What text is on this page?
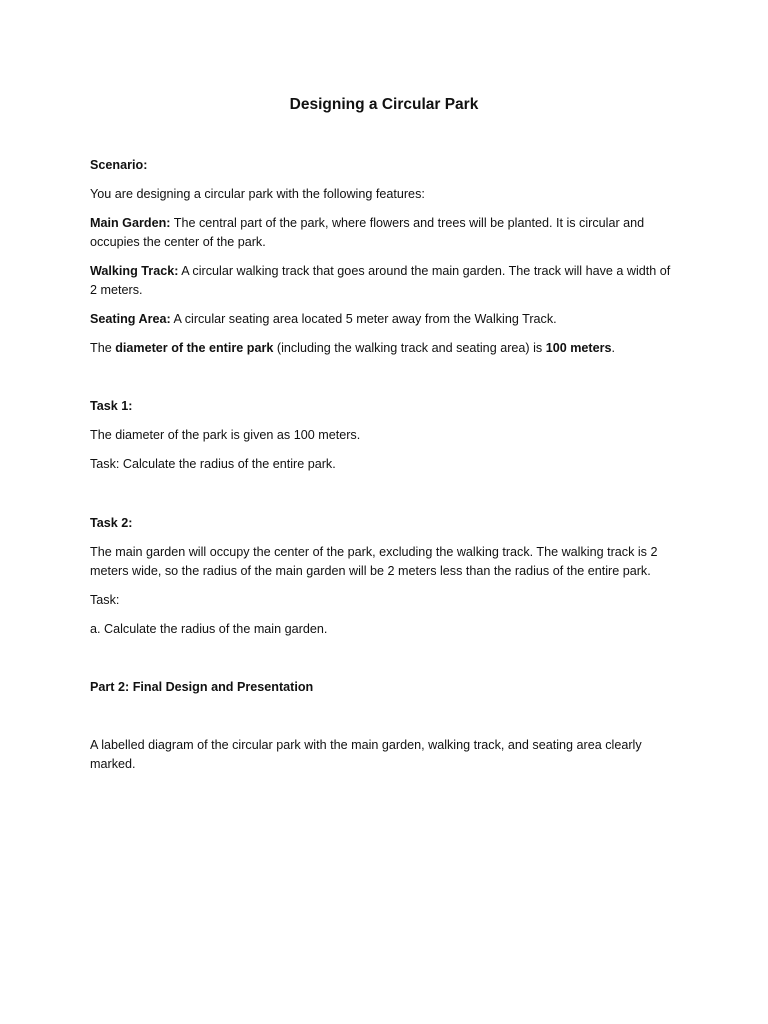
Designing a Circular Park

Scenario:

You are designing a circular park with the following features:

Main Garden: The central part of the park, where flowers and trees will be planted. It is circular and occupies the center of the park.

Walking Track: A circular walking track that goes around the main garden. The track will have a width of 2 meters.

Seating Area: A circular seating area located 5 meter away from the Walking Track.

The diameter of the entire park (including the walking track and seating area) is 100 meters.

Task 1:

The diameter of the park is given as 100 meters.

Task: Calculate the radius of the entire park.

Task 2:

The main garden will occupy the center of the park, excluding the walking track. The walking track is 2 meters wide, so the radius of the main garden will be 2 meters less than the radius of the entire park.

Task:

a. Calculate the radius of the main garden.

Part 2: Final Design and Presentation

A labelled diagram of the circular park with the main garden, walking track, and seating area clearly marked.
